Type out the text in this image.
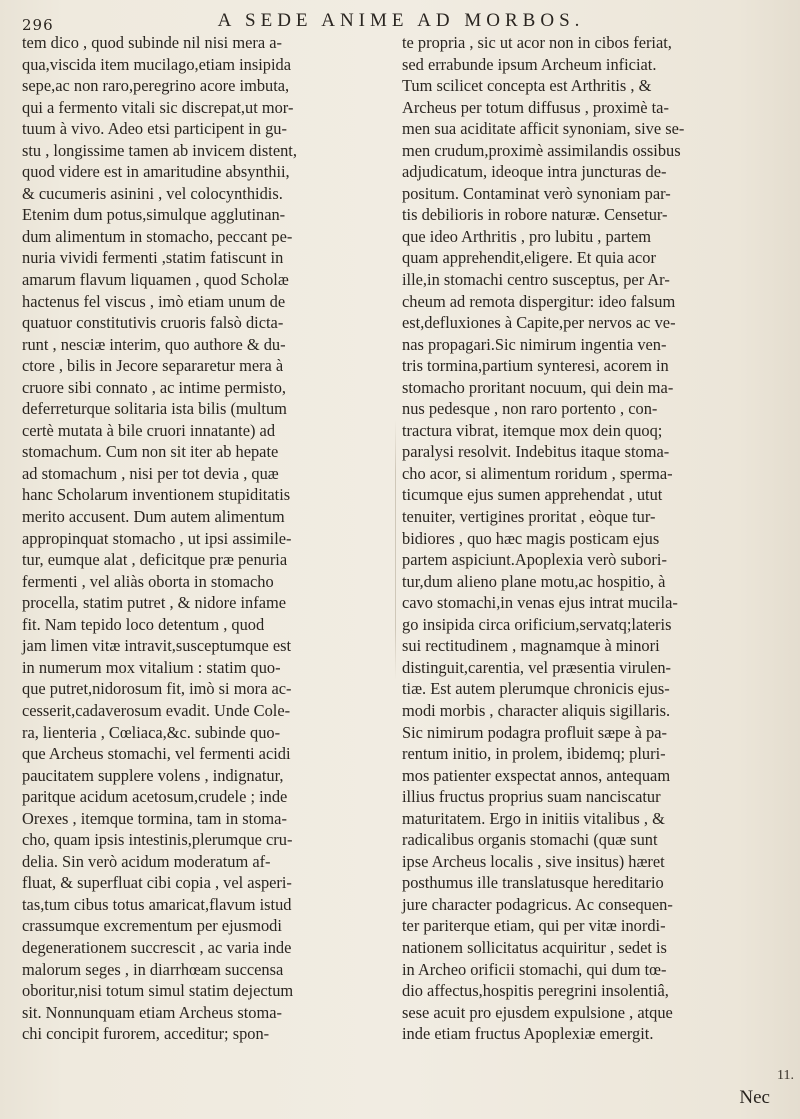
296	A SEDE ANIME AD MORBOS.
tem dico , quod subinde nil nisi mera a-
qua,viscida item mucilago,etiam insipida
sepe,ac non raro,peregrino acore imbuta,
qui a fermento vitali sic discrepat,ut mor-
tuum à vivo. Adeo etsi participent in gu-
stu , longissime tamen ab invicem distent,
quod videre est in amaritudine absynthii,
& cucumeris asinini , vel colocynthidis.
Etenim dum potus,simulque agglutinan-
dum alimentum in stomacho, peccant pe-
nuria vividi fermenti ,statim fatiscunt in
amarum flavum liquamen , quod Scholæ
hactenus fel viscus , imò etiam unum de
quatuor constitutivis cruoris falsò dicta-
runt , nesciæ interim, quo authore & du-
ctore , bilis in Jecore separaretur mera à
cruore sibi connato , ac intime permisto,
deferreturque solitaria ista bilis (multum
certè mutata à bile cruori innatante) ad
stomachum. Cum non sit iter ab hepate
ad stomachum , nisi per tot devia , quæ
hanc Scholarum inventionem stupiditatis
merito accusent. Dum autem alimentum
appropinquat stomacho , ut ipsi assimile-
tur, eumque alat , deficitque præ penuria
fermenti , vel aliàs oborta in stomacho
procella, statim putret , & nidore infame
fit. Nam tepido loco detentum , quod
jam limen vitæ intravit,susceptumque est
in numerum mox vitalium : statim quo-
que putret,nidorosum fit, imò si mora ac-
cesserit,cadaverosum evadit. Unde Cole-
ra, lienteria , Cœliaca,&c. subinde quo-
que Archeus stomachi, vel fermenti acidi
paucitatem supplere volens , indignatur,
paritque acidum acetosum,crudele ; inde
Orexes , itemque tormina, tam in stoma-
cho, quam ipsis intestinis,plerumque cru-
delia. Sin verò acidum moderatum af-
fluat, & superfluat cibi copia , vel asperi-
tas,tum cibus totus amaricat,flavum istud
crassumque excrementum per ejusmodi
degenerationem succrescit , ac varia inde
malorum seges , in diarrhœam succensa
oboritur,nisi totum simul statim dejectum
sit. Nonnunquam etiam Archeus stoma-
chi concipit furorem, acceditur; spon-
te propria , sic ut acor non in cibos feriat,
sed errabunde ipsum Archeum inficiat.
Tum scilicet concepta est Arthritis , &
Archeus per totum diffusus , proximè ta-
men sua aciditate afficit synoniam, sive se-
men crudum,proximè assimilandis ossibus
adjudicatum, ideoque intra juncturas de-
positum. Contaminat verò synoniam par-
tis debilioris in robore naturæ. Censetur-
que ideo Arthritis , pro lubitu , partem
quam apprehendit,eligere. Et quia acor
ille,in stomachi centro susceptus, per Ar-
cheum ad remota dispergitur: ideo falsum
est,defluxiones à Capite,per nervos ac ve-
nas propagari.Sic nimirum ingentia ven-
tris tormina,partium synteresi, acorem in
stomacho proritant nocuum, qui dein ma-
nus pedesque , non raro portento , con-
tractura vibrat, itemque mox dein quoq;
paralysi resolvit. Indebitus itaque stoma-
cho acor, si alimentum roridum , sperma-
ticumque ejus sumen apprehendat , utut
tenuiter, vertigines proritat , eòque tur-
bidiores , quo hæc magis posticam ejus
partem aspiciunt.Apoplexia verò subori-
tur,dum alieno plane motu,ac hospitio, à
cavo stomachi,in venas ejus intrat mucila-
go insipida circa orificium,servatq;lateris
sui rectitudinem , magnamque à minori
distinguit,carentia, vel præsentia virulen-
tiæ. Est autem plerumque chronicis ejus-
modi morbis , character aliquis sigillaris.
Sic nimirum podagra profluit sæpe à pa-
rentum initio, in prolem, ibidemq; pluri-
mos patienter exspectat annos, antequam
illius fructus proprius suam nanciscatur
maturitatem. Ergo in initiis vitalibus , &
radicalibus organis stomachi (quæ sunt
ipse Archeus localis , sive insitus) hæret
posthumus ille translatusque hereditario
jure character podagricus. Ac consequen-
ter pariterque etiam, qui per vitæ inordi-
nationem sollicitatus acquiritur , sedet is
in Archeo orificii stomachi, qui dum tœ-
dio affectus,hospitis peregrini insolentiâ,
sese acuit pro ejusdem expulsione , atque
inde etiam fructus Apoplexiæ emergit.
11.
Nec
